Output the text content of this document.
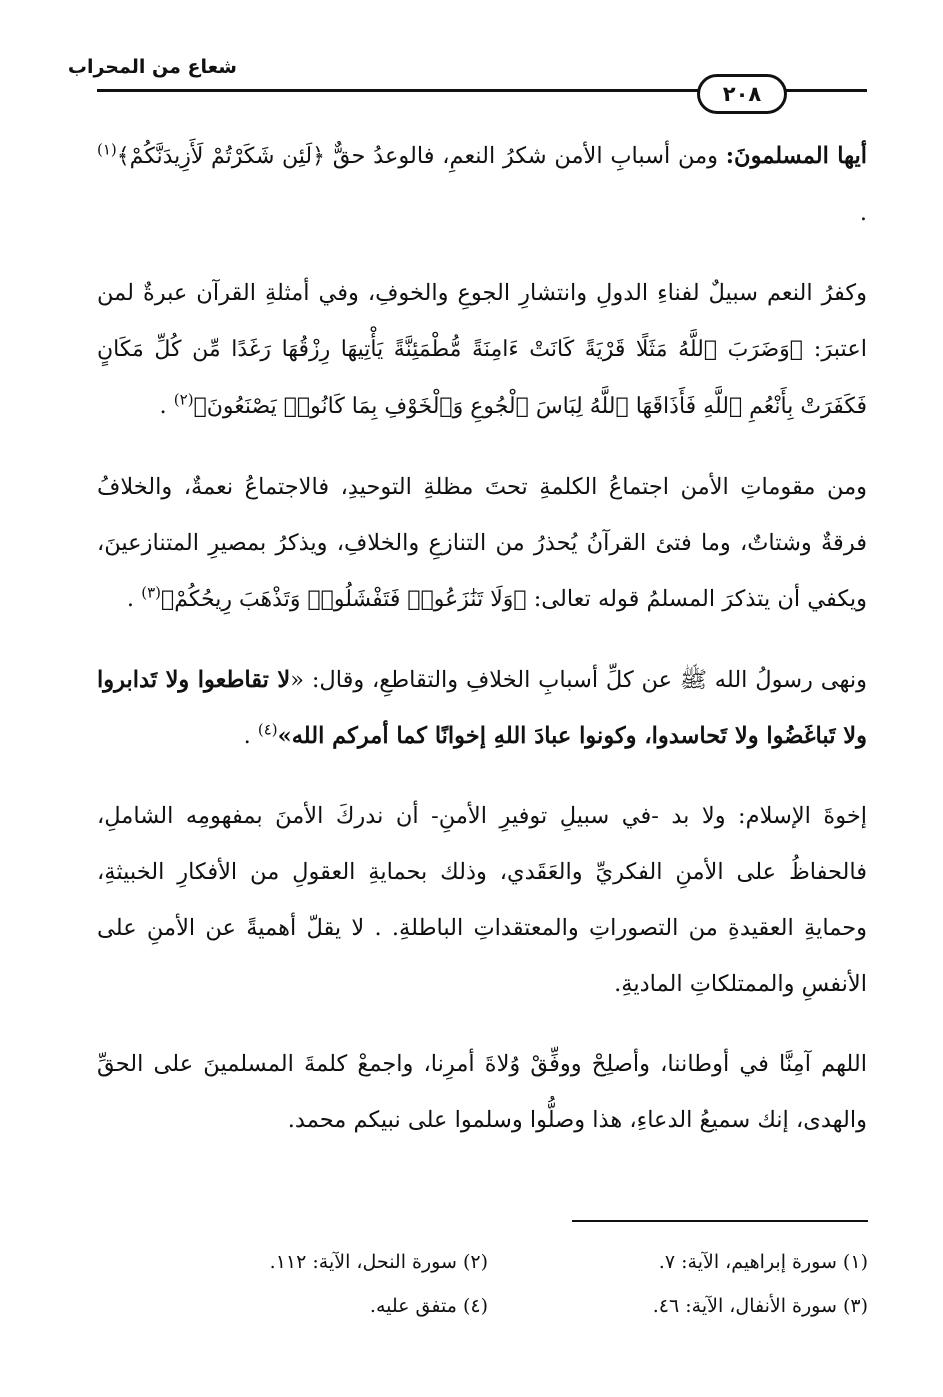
شعاع من المحراب
٢٠٨

أيها المسلمونَ: ومن أسبابِ الأمن شكرُ النعمِ، فالوعدُ حقٌّ ﴿لَئِن شَكَرْتُمْ لَأَزِيدَنَّكُمْ﴾$^{(١)}$ .

وكفرُ النعم سبيلٌ لفناءِ الدولِ وانتشارِ الجوعِ والخوفِ، وفي أمثلةِ القرآن عبرةٌ لمن اعتبرَ: ﴿وَضَرَبَ ٱللَّهُ مَثَلًا قَرْيَةً كَانَتْ ءَامِنَةً مُّطْمَئِنَّةً يَأْتِيهَا رِزْقُهَا رَغَدًا مِّن كُلِّ مَكَانٍ فَكَفَرَتْ بِأَنْعُمِ ٱللَّهِ فَأَذَاقَهَا ٱللَّهُ لِبَاسَ ٱلْجُوعِ وَٱلْخَوْفِ بِمَا كَانُوا۟ يَصْنَعُونَ﴾$^{(٢)}$ .

ومن مقوماتِ الأمن اجتماعُ الكلمةِ تحتَ مظلةِ التوحيدِ، فالاجتماعُ نعمةٌ، والخلافُ فرقةٌ وشتاتٌ، وما فتئ القرآنُ يُحذرُ من التنازعِ والخلافِ، ويذكرُ بمصيرِ المتنازعينَ، ويكفي أن يتذكرَ المسلمُ قوله تعالى: ﴿وَلَا تَنَٰزَعُوا۟ فَتَفْشَلُوا۟ وَتَذْهَبَ رِيحُكُمْ﴾$^{(٣)}$ .

ونهى رسولُ الله ﷺ عن كلِّ أسبابِ الخلافِ والتقاطعِ، وقال: «لا تقاطعوا ولا تَدابروا ولا تَباغَضُوا ولا تَحاسدوا، وكونوا عبادَ اللهِ إخوانًا كما أمركم الله»$^{(٤)}$ .

إخوةَ الإسلام: ولا بد -في سبيلِ توفيرِ الأمنِ- أن ندركَ الأمنَ بمفهومِه الشاملِ، فالحفاظُ على الأمنِ الفكريِّ والعَقَدي، وذلك بحمايةِ العقولِ من الأفكارِ الخبيثةِ، وحمايةِ العقيدةِ من التصوراتِ والمعتقداتِ الباطلةِ. . لا يقلّ أهميةً عن الأمنِ على الأنفسِ والممتلكاتِ الماديةِ.

اللهم آمِنَّا في أوطاننا، وأصلِحْ ووفِّقْ وُلاةَ أمرِنا، واجمعْ كلمةَ المسلمينَ على الحقِّ والهدى، إنك سميعُ الدعاءِ، هذا وصلُّوا وسلموا على نبيكم محمد.

(١) سورة إبراهيم، الآية: ٧.
(٢) سورة النحل، الآية: ١١٢.
(٣) سورة الأنفال، الآية: ٤٦.
(٤) متفق عليه.
